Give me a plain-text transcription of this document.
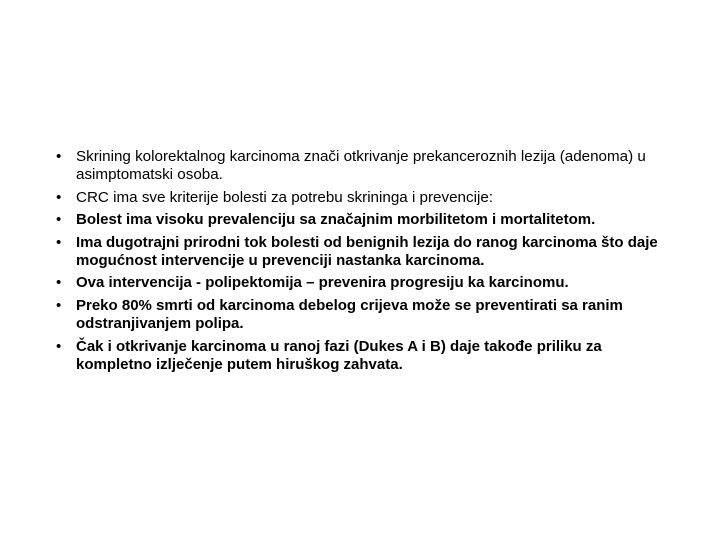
• Skrining kolorektalnog karcinoma znači otkrivanje prekanceroznih lezija (adenoma) u asimptomatski osoba.
• CRC ima sve kriterije bolesti za potrebu skrininga i prevencije:
• Bolest ima visoku prevalenciju sa značajnim morbilitetom i mortalitetom.
• Ima dugotrajni prirodni tok bolesti od benignih lezija do ranog karcinoma što daje mogućnost intervencije u prevenciji nastanka karcinoma.
• Ova intervencija - polipektomija – prevenira progresiju ka karcinomu.
• Preko 80% smrti od karcinoma debelog crijeva može se preventirati sa ranim odstranjivanjem polipa.
• Čak i otkrivanje karcinoma u ranoj fazi (Dukes A i B) daje takođe priliku za kompletno izlječenje putem hiruškog zahvata.
